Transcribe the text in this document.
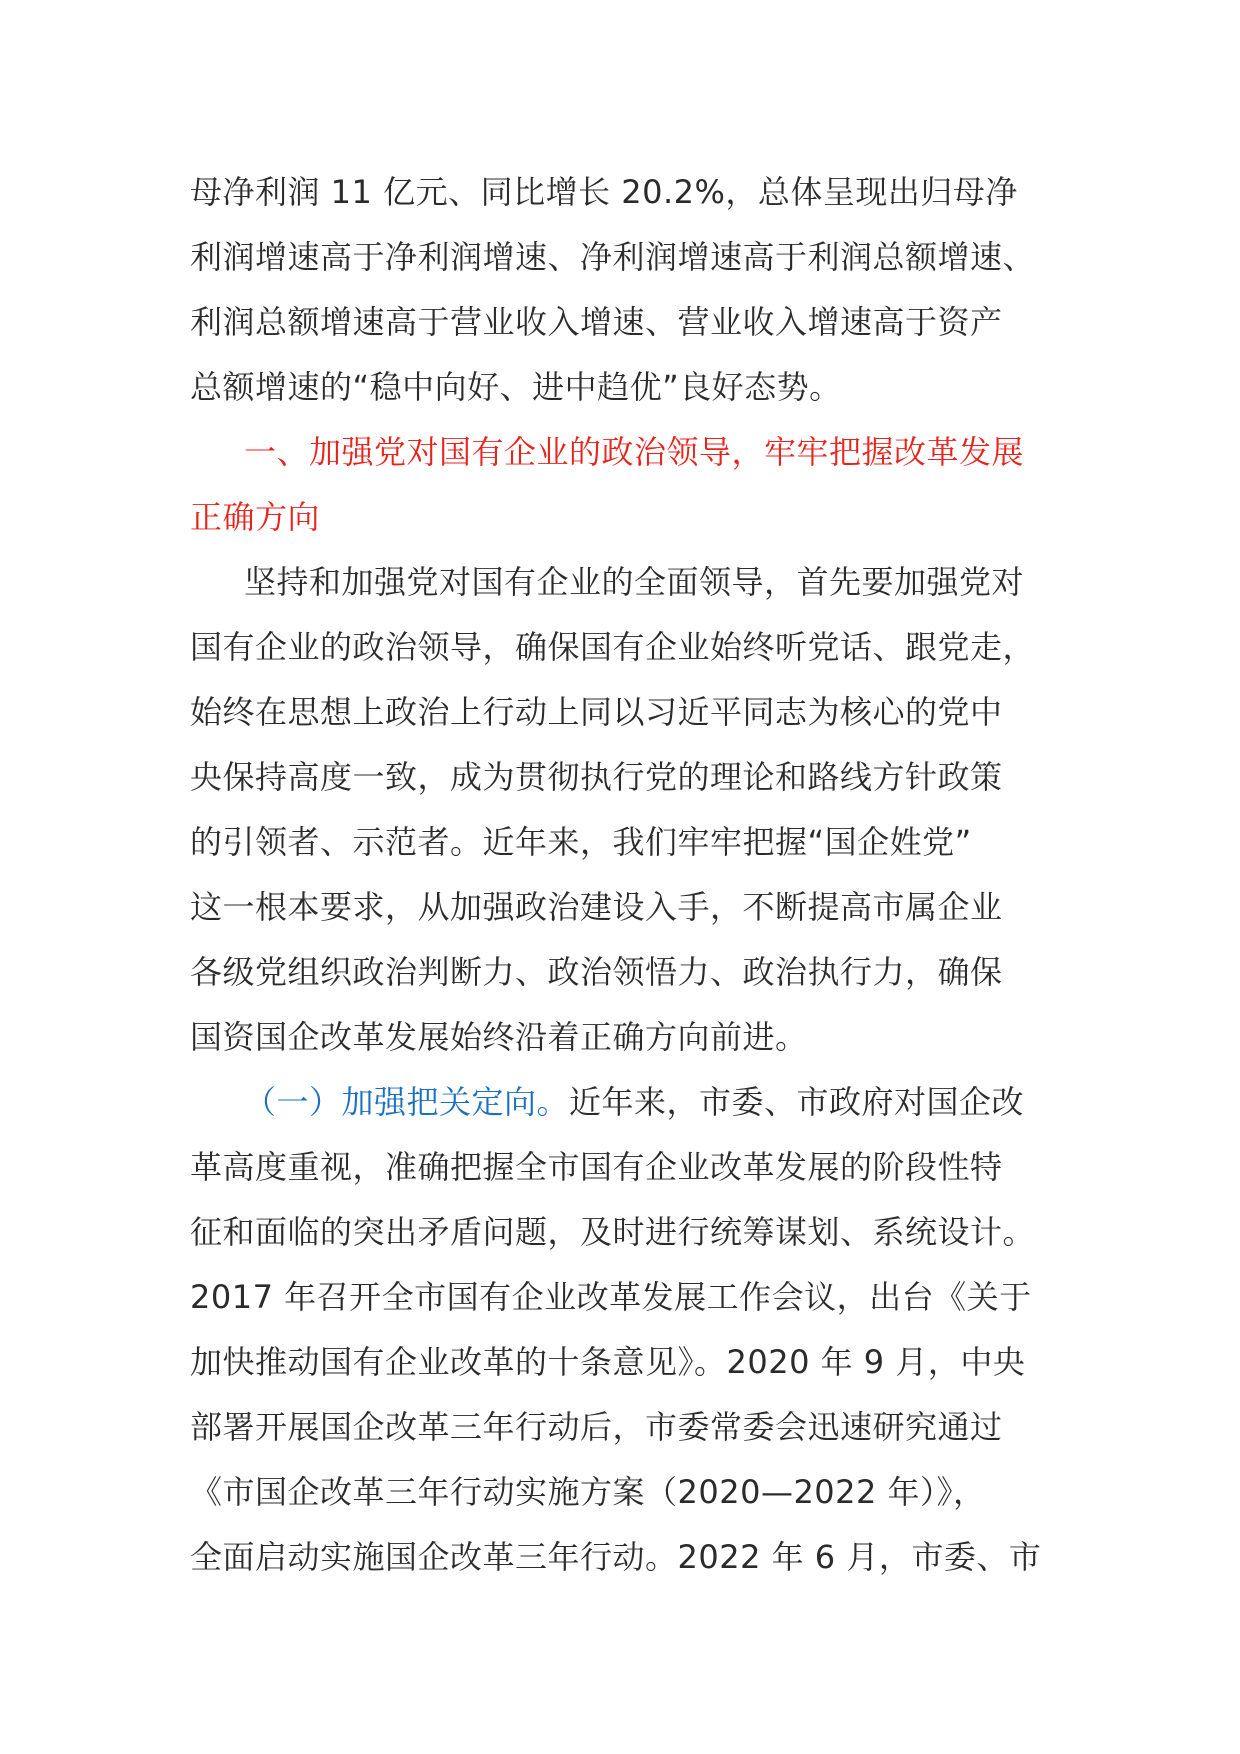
母净利润 11 亿元、同比增长 20.2%，总体呈现出归母净
利润增速高于净利润增速、净利润增速高于利润总额增速、
利润总额增速高于营业收入增速、营业收入增速高于资产
总额增速的“稳中向好、进中趋优”良好态势。
一、加强党对国有企业的政治领导，牢牢把握改革发展
正确方向
坚持和加强党对国有企业的全面领导，首先要加强党对
国有企业的政治领导，确保国有企业始终听党话、跟党走，
始终在思想上政治上行动上同以习近平同志为核心的党中
央保持高度一致，成为贯彻执行党的理论和路线方针政策
的引领者、示范者。近年来，我们牢牢把握“国企姓党”
这一根本要求，从加强政治建设入手，不断提高市属企业
各级党组织政治判断力、政治领悟力、政治执行力，确保
国资国企改革发展始终沿着正确方向前进。
（一）加强把关定向。近年来，市委、市政府对国企改
革高度重视，准确把握全市国有企业改革发展的阶段性特
征和面临的突出矛盾问题，及时进行统筹谋划、系统设计。
2017 年召开全市国有企业改革发展工作会议，出台《关于
加快推动国有企业改革的十条意见》。2020 年 9 月，中央
部署开展国企改革三年行动后，市委常委会迅速研究通过
《市国企改革三年行动实施方案（2020—2022 年）》，
全面启动实施国企改革三年行动。2022 年 6 月，市委、市
